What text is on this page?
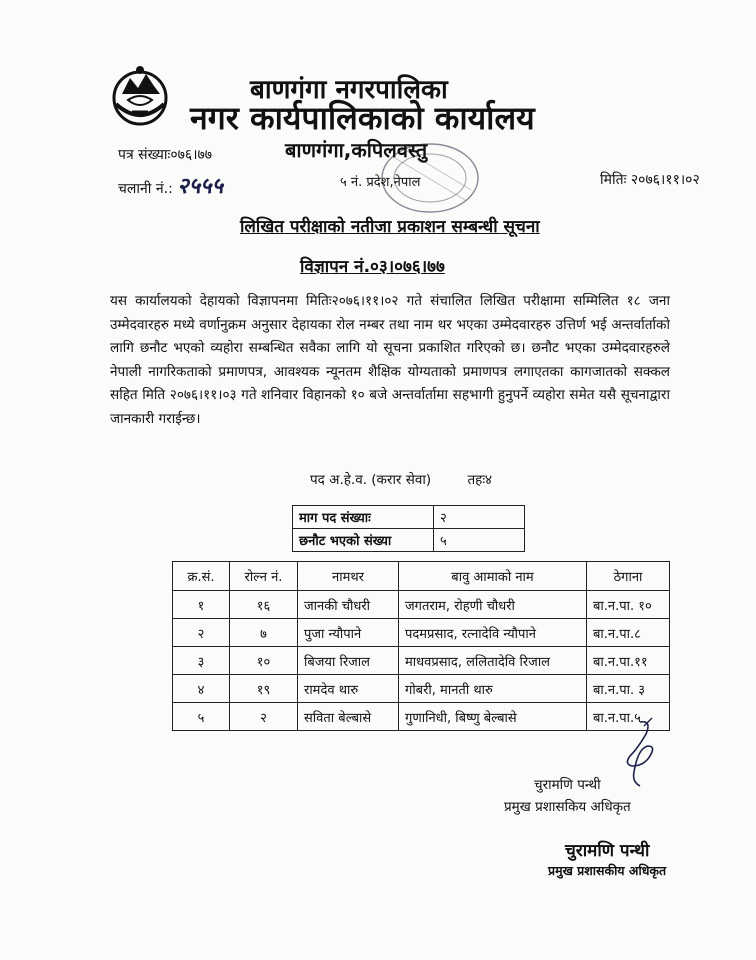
बाणगंगा नगरपालिका
नगर कार्यपालिकाको कार्यालय
बाणगंगा,कपिलवस्तु
पत्र संख्याः०७६।७७
चलानी नं.: २५५५	५ नं. प्रदेश,नेपाल	मितिः २०७६।११।०२
लिखित परीक्षाको नतीजा प्रकाशन सम्बन्धी सूचना
विज्ञापन नं.०३।०७६।७७
यस कार्यालयको देहायको विज्ञापनमा मितिः२०७६।११।०२ गते संचालित लिखित परीक्षामा सम्मिलित १८ जना उम्मेदवारहरु मध्ये वर्णानुक्रम अनुसार देहायका रोल नम्बर तथा नाम थर भएका उम्मेदवारहरु उत्तिर्ण भई अन्तर्वार्ताको लागि छनौट भएको व्यहोरा सम्बन्धित सवैका लागि यो सूचना प्रकाशित गरिएको छ। छनौट भएका उम्मेदवारहरुले नेपाली नागरिकताको प्रमाणपत्र, आवश्यक न्यूनतम शैक्षिक योग्यताको प्रमाणपत्र लगाएतका कागजातको सक्कल सहित मिति २०७६।११।०३ गते शनिवार विहानको १० बजे अन्तर्वार्तामा सहभागी हुनुपर्ने व्यहोरा समेत यसै सूचनाद्वारा जानकारी गराईन्छ।
पद अ.हे.व. (करार सेवा)	तहः४
माग पद संख्याः	२
छनौट भएको संख्या	५
क्र.सं.	रोल्न नं.	नामथर	बावु आमाको नाम	ठेगाना
१	१६	जानकी चौधरी	जगतराम, रोहणी चौधरी	बा.न.पा. १०
२	७	पुजा न्यौपाने	पदमप्रसाद, रत्नादेवि न्यौपाने	बा.न.पा.८
३	१०	बिजया रिजाल	माधवप्रसाद, ललितादेवि रिजाल	बा.न.पा.११
४	१९	रामदेव थारु	गोबरी, मानती थारु	बा.न.पा. ३
५	२	सविता बेल्बासे	गुणानिधी, बिष्णु बेल्बासे	बा.न.पा.५
चुरामणि पन्थी
प्रमुख प्रशासकिय अधिकृत
चुरामणि पन्थी
प्रमुख प्रशासकीय अधिकृत
